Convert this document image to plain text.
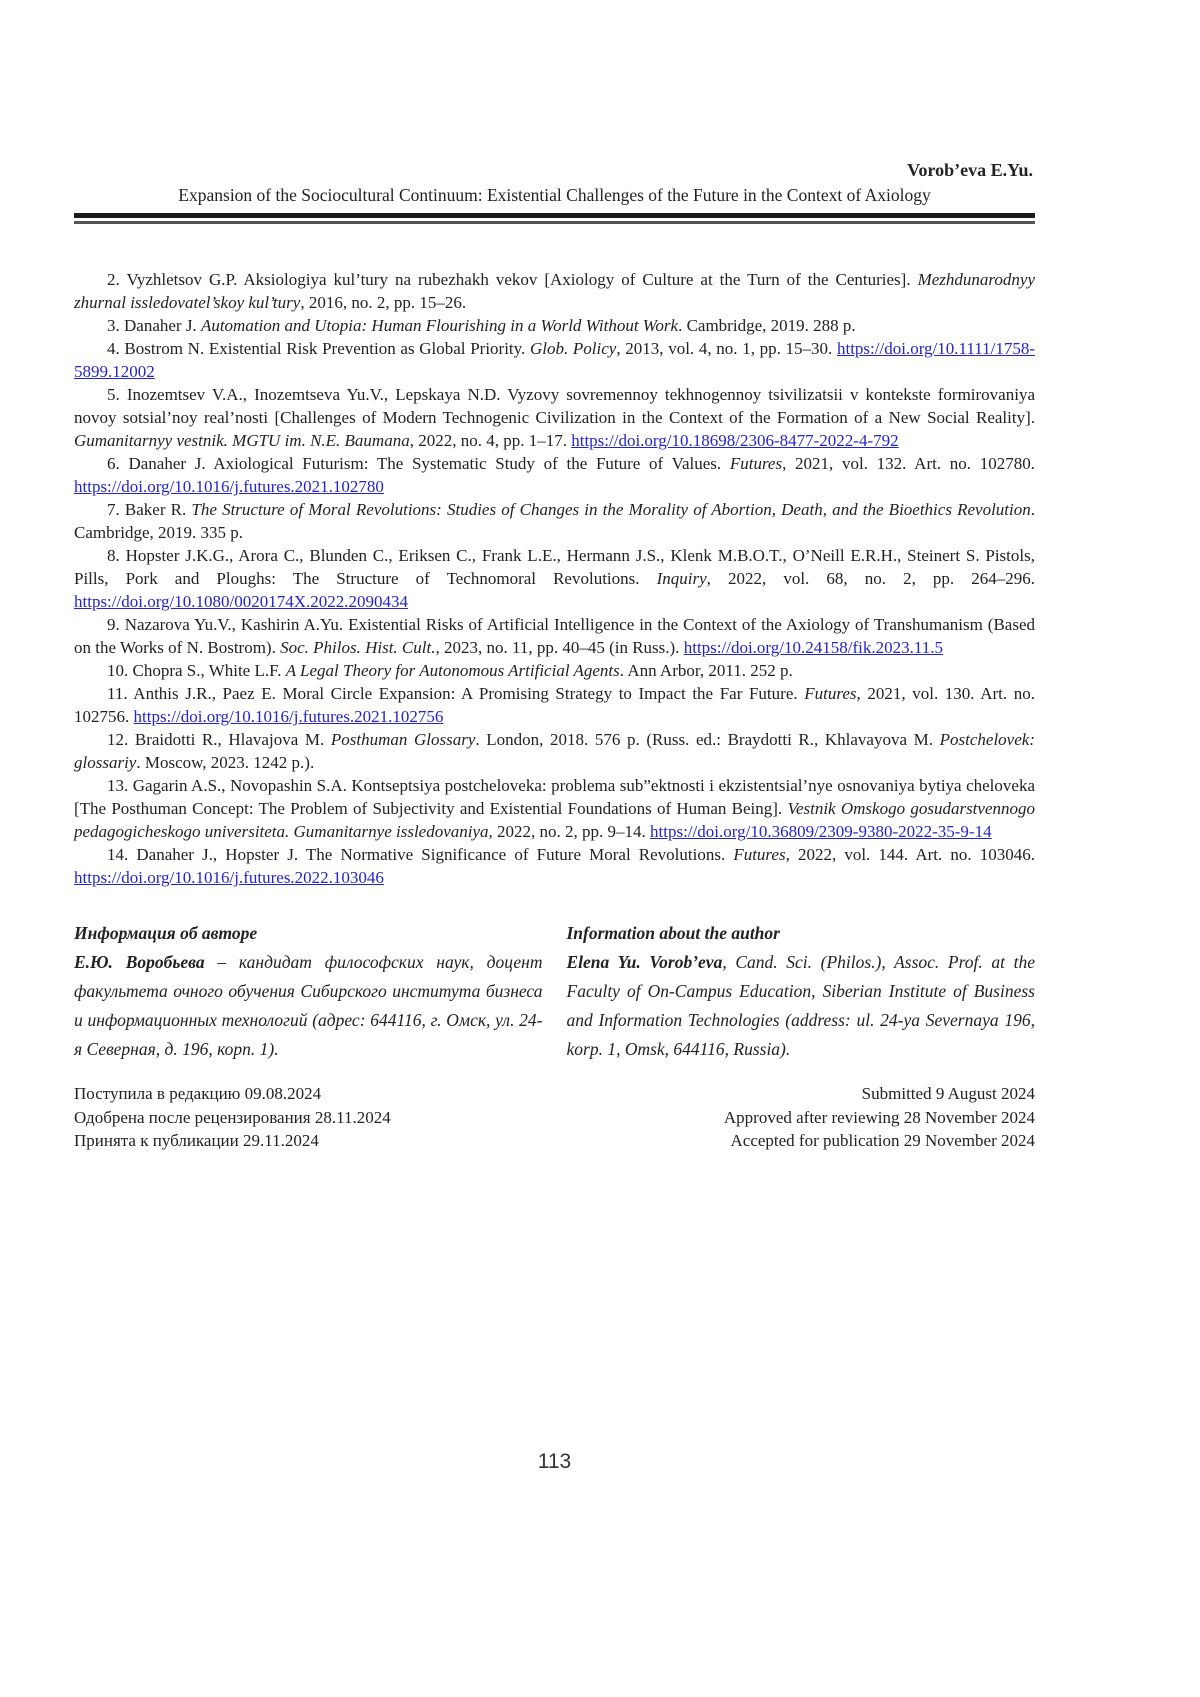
Vorob’eva E.Yu.
Expansion of the Sociocultural Continuum: Existential Challenges of the Future in the Context of Axiology

2. Vyzhletsov G.P. Aksiologiya kul’tury na rubezhakh vekov [Axiology of Culture at the Turn of the Centuries]. Mezhdunarodnyy zhurnal issledovatel’skoy kul’tury, 2016, no. 2, pp. 15–26.

3. Danaher J. Automation and Utopia: Human Flourishing in a World Without Work. Cambridge, 2019. 288 p.

4. Bostrom N. Existential Risk Prevention as Global Priority. Glob. Policy, 2013, vol. 4, no. 1, pp. 15–30. https://doi.org/10.1111/1758-5899.12002

5. Inozemtsev V.A., Inozemtseva Yu.V., Lepskaya N.D. Vyzovy sovremennoy tekhnogennoy tsivilizatsii v kontekste formirovaniya novoy sotsial’noy real’nosti [Challenges of Modern Technogenic Civilization in the Context of the Formation of a New Social Reality]. Gumanitarnyy vestnik. MGTU im. N.E. Baumana, 2022, no. 4, pp. 1–17. https://doi.org/10.18698/2306-8477-2022-4-792

6. Danaher J. Axiological Futurism: The Systematic Study of the Future of Values. Futures, 2021, vol. 132. Art. no. 102780. https://doi.org/10.1016/j.futures.2021.102780

7. Baker R. The Structure of Moral Revolutions: Studies of Changes in the Morality of Abortion, Death, and the Bioethics Revolution. Cambridge, 2019. 335 p.

8. Hopster J.K.G., Arora C., Blunden C., Eriksen C., Frank L.E., Hermann J.S., Klenk M.B.O.T., O’Neill E.R.H., Steinert S. Pistols, Pills, Pork and Ploughs: The Structure of Technomoral Revolutions. Inquiry, 2022, vol. 68, no. 2, pp. 264–296. https://doi.org/10.1080/0020174X.2022.2090434

9. Nazarova Yu.V., Kashirin A.Yu. Existential Risks of Artificial Intelligence in the Context of the Axiology of Transhumanism (Based on the Works of N. Bostrom). Soc. Philos. Hist. Cult., 2023, no. 11, pp. 40–45 (in Russ.). https://doi.org/10.24158/fik.2023.11.5

10. Chopra S., White L.F. A Legal Theory for Autonomous Artificial Agents. Ann Arbor, 2011. 252 p.

11. Anthis J.R., Paez E. Moral Circle Expansion: A Promising Strategy to Impact the Far Future. Futures, 2021, vol. 130. Art. no. 102756. https://doi.org/10.1016/j.futures.2021.102756

12. Braidotti R., Hlavajova M. Posthuman Glossary. London, 2018. 576 p. (Russ. ed.: Braydotti R., Khlavayova M. Postchelovek: glossariy. Moscow, 2023. 1242 p.).

13. Gagarin A.S., Novopashin S.A. Kontseptsiya postcheloveka: problema sub”ektnosti i ekzistentsial’nye osnovaniya bytiya cheloveka [The Posthuman Concept: The Problem of Subjectivity and Existential Foundations of Human Being]. Vestnik Omskogo gosudarstvennogo pedagogicheskogo universiteta. Gumanitarnye issledovaniya, 2022, no. 2, pp. 9–14. https://doi.org/10.36809/2309-9380-2022-35-9-14

14. Danaher J., Hopster J. The Normative Significance of Future Moral Revolutions. Futures, 2022, vol. 144. Art. no. 103046. https://doi.org/10.1016/j.futures.2022.103046

Информация об авторе

Е.Ю. Воробьева – кандидат философских наук, доцент факультета очного обучения Сибирского института бизнеса и информационных технологий (адрес: 644116, г. Омск, ул. 24-я Северная, д. 196, корп. 1).

Information about the author

Elena Yu. Vorob’eva, Cand. Sci. (Philos.), Assoc. Prof. at the Faculty of On-Campus Education, Siberian Institute of Business and Information Technologies (address: ul. 24-ya Severnaya 196, korp. 1, Omsk, 644116, Russia).

Поступила в редакцию 09.08.2024
Одобрена после рецензирования 28.11.2024
Принята к публикации 29.11.2024
Submitted 9 August 2024
Approved after reviewing 28 November 2024
Accepted for publication 29 November 2024
113
